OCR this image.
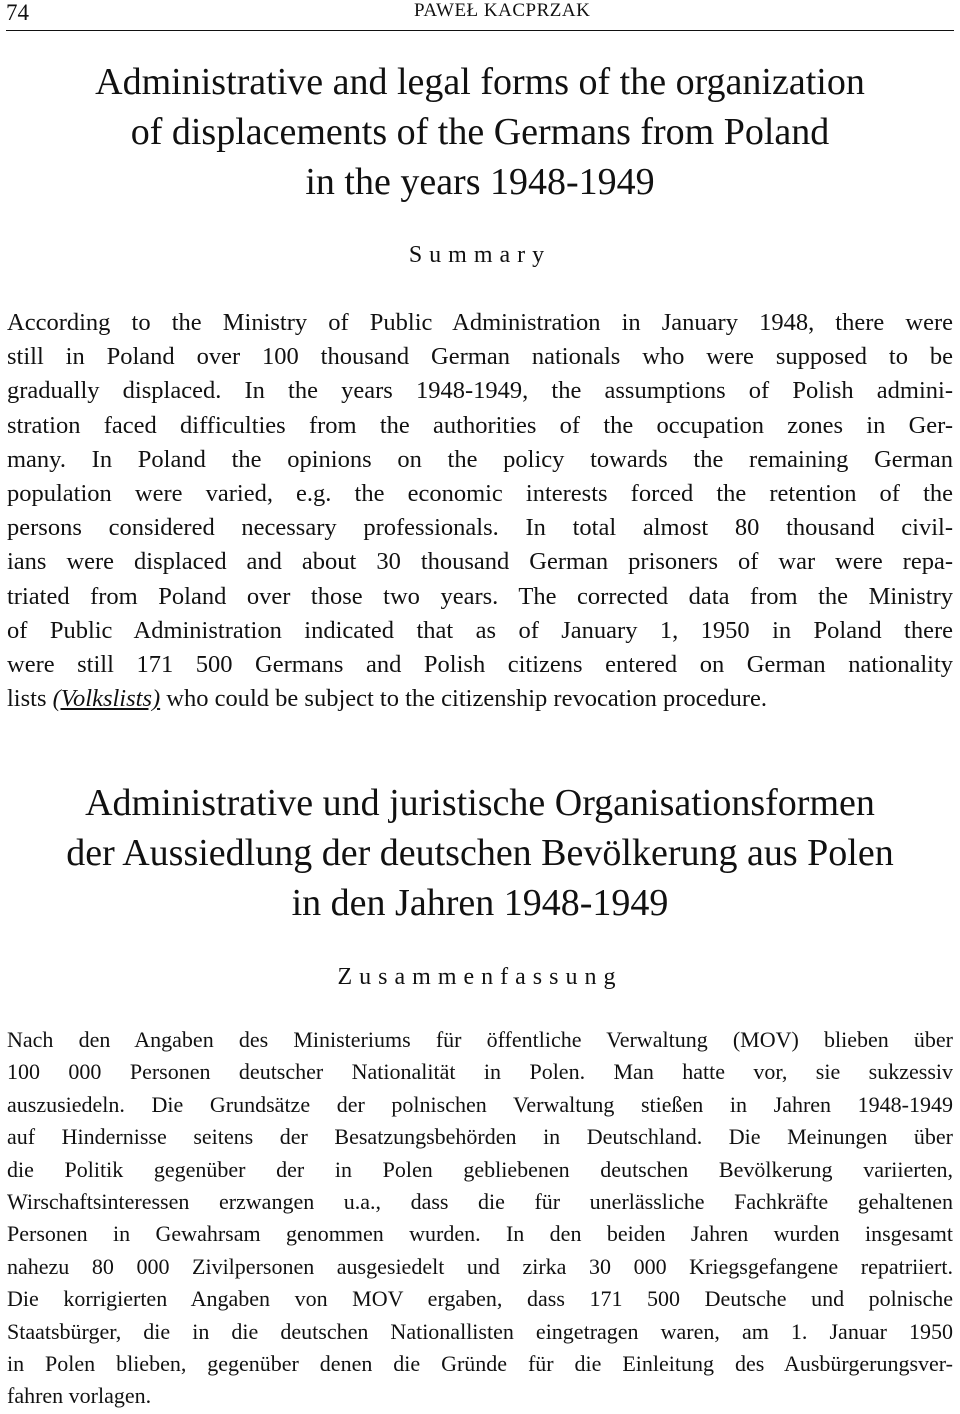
74	PAWEŁ KACPRZAK
Administrative and legal forms of the organization
of displacements of the Germans from Poland
in the years 1948-1949
Summary
According to the Ministry of Public Administration in January 1948, there were
still in Poland over 100 thousand German nationals who were supposed to be
gradually displaced. In the years 1948-1949, the assumptions of Polish admini-
stration faced difficulties from the authorities of the occupation zones in Ger-
many. In Poland the opinions on the policy towards the remaining German
population were varied, e.g. the economic interests forced the retention of the
persons considered necessary professionals. In total almost 80 thousand civil-
ians were displaced and about 30 thousand German prisoners of war were repa-
triated from Poland over those two years. The corrected data from the Ministry
of Public Administration indicated that as of January 1, 1950 in Poland there
were still 171 500 Germans and Polish citizens entered on German nationality
lists (Volkslists) who could be subject to the citizenship revocation procedure.
Administrative und juristische Organisationsformen
der Aussiedlung der deutschen Bevölkerung aus Polen
in den Jahren 1948-1949
Zusammenfassung
Nach den Angaben des Ministeriums für öffentliche Verwaltung (MOV) blieben über
100 000 Personen deutscher Nationalität in Polen. Man hatte vor, sie sukzessiv
auszusiedeln. Die Grundsätze der polnischen Verwaltung stießen in Jahren 1948-1949
auf Hindernisse seitens der Besatzungsbehörden in Deutschland. Die Meinungen über
die Politik gegenüber der in Polen gebliebenen deutschen Bevölkerung variierten,
Wirschaftsinteressen erzwangen u.a., dass die für unerlässliche Fachkräfte gehaltenen
Personen in Gewahrsam genommen wurden. In den beiden Jahren wurden insgesamt
nahezu 80 000 Zivilpersonen ausgesiedelt und zirka 30 000 Kriegsgefangene repatriiert.
Die korrigierten Angaben von MOV ergaben, dass 171 500 Deutsche und polnische
Staatsbürger, die in die deutschen Nationallisten eingetragen waren, am 1. Januar 1950
in Polen blieben, gegenüber denen die Gründe für die Einleitung des Ausbürgerungsver-
fahren vorlagen.
